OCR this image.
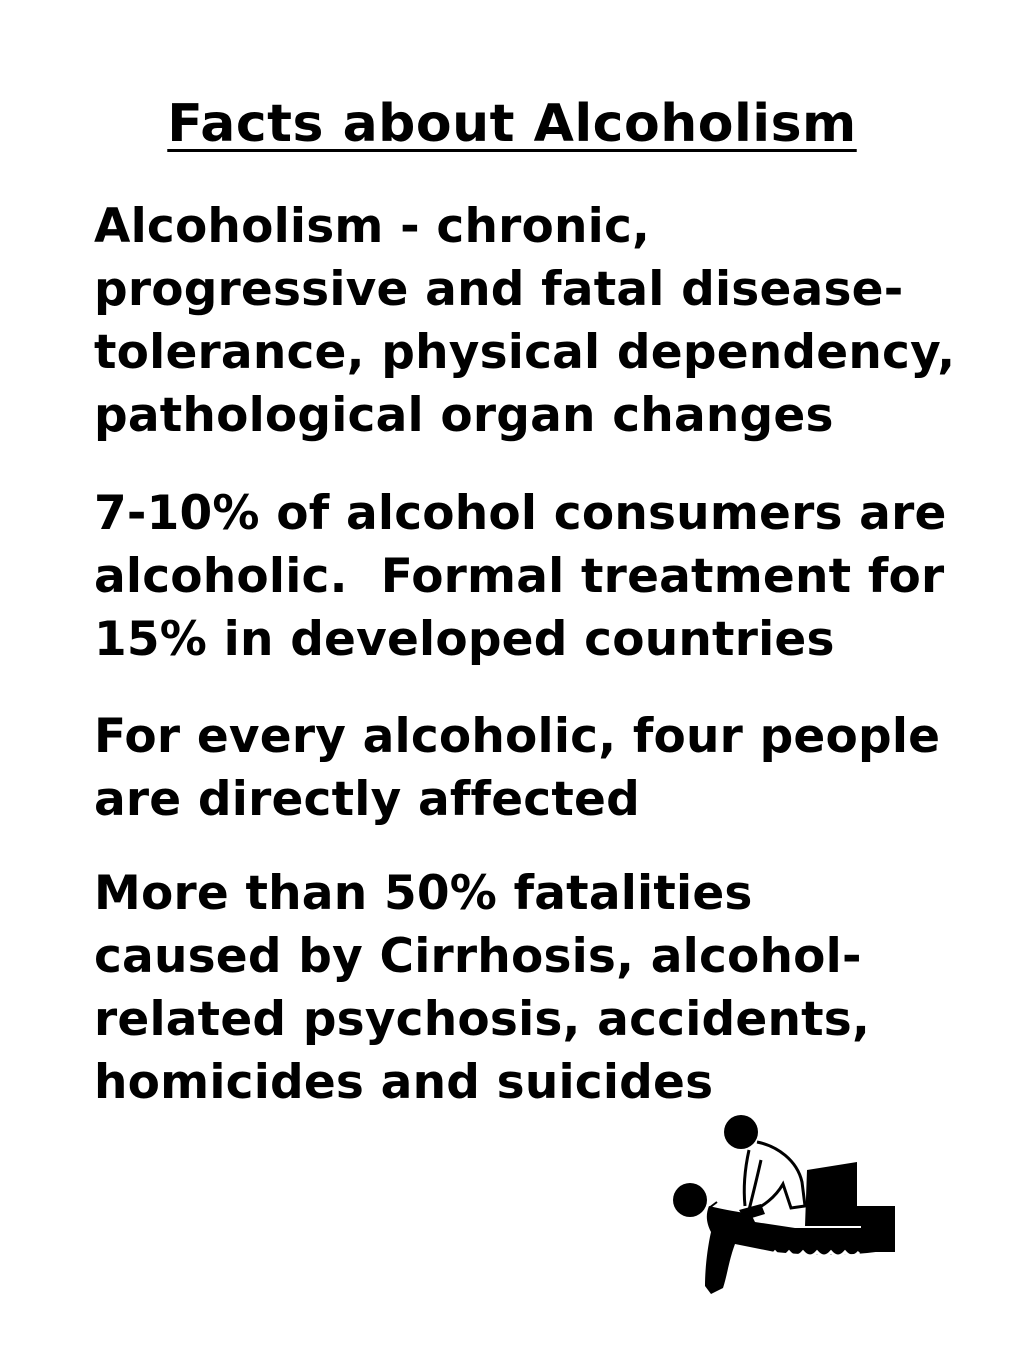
Facts about Alcoholism

Alcoholism - chronic,
progressive and fatal disease-
tolerance, physical dependency,
pathological organ changes

7-10% of alcohol consumers are
alcoholic.  Formal treatment for
15% in developed countries

For every alcoholic, four people
are directly affected

More than 50% fatalities
caused by Cirrhosis, alcohol-
related psychosis, accidents,
homicides and suicides
